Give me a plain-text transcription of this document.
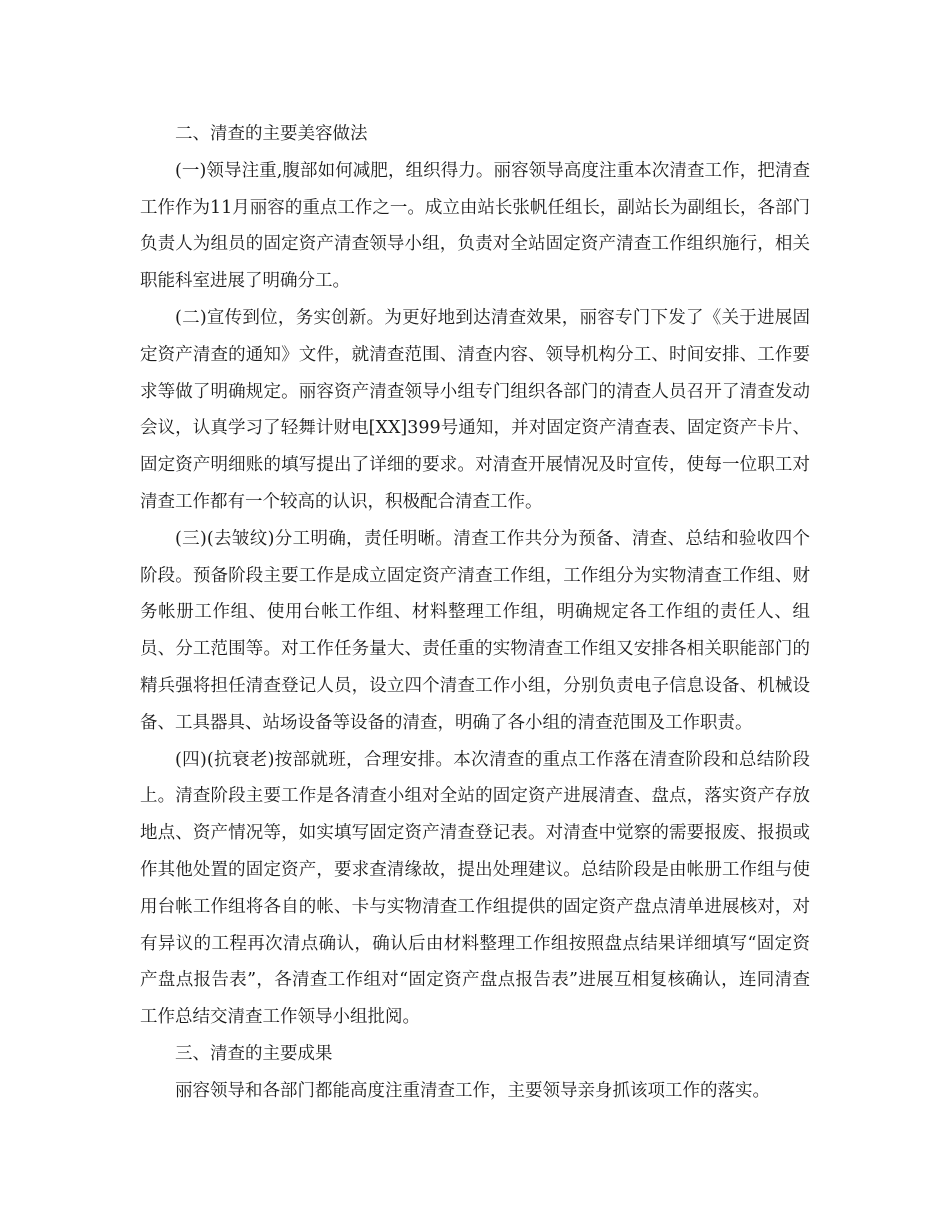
二、清查的主要美容做法

(一)领导注重,腹部如何减肥，组织得力。丽容领导高度注重本次清查工作，把清查工作作为11月丽容的重点工作之一。成立由站长张帆任组长，副站长为副组长，各部门负责人为组员的固定资产清查领导小组，负责对全站固定资产清查工作组织施行，相关职能科室进展了明确分工。

(二)宣传到位，务实创新。为更好地到达清查效果，丽容专门下发了《关于进展固定资产清查的通知》文件，就清查范围、清查内容、领导机构分工、时间安排、工作要求等做了明确规定。丽容资产清查领导小组专门组织各部门的清查人员召开了清查发动会议，认真学习了轻舞计财电[XX]399号通知，并对固定资产清查表、固定资产卡片、固定资产明细账的填写提出了详细的要求。对清查开展情况及时宣传，使每一位职工对清查工作都有一个较高的认识，积极配合清查工作。

(三)(去皱纹)分工明确，责任明晰。清查工作共分为预备、清查、总结和验收四个阶段。预备阶段主要工作是成立固定资产清查工作组，工作组分为实物清查工作组、财务帐册工作组、使用台帐工作组、材料整理工作组，明确规定各工作组的责任人、组员、分工范围等。对工作任务量大、责任重的实物清查工作组又安排各相关职能部门的精兵强将担任清查登记人员，设立四个清查工作小组，分别负责电子信息设备、机械设备、工具器具、站场设备等设备的清查，明确了各小组的清查范围及工作职责。

(四)(抗衰老)按部就班，合理安排。本次清查的重点工作落在清查阶段和总结阶段上。清查阶段主要工作是各清查小组对全站的固定资产进展清查、盘点，落实资产存放地点、资产情况等，如实填写固定资产清查登记表。对清查中觉察的需要报废、报损或作其他处置的固定资产，要求查清缘故，提出处理建议。总结阶段是由帐册工作组与使用台帐工作组将各自的帐、卡与实物清查工作组提供的固定资产盘点清单进展核对，对有异议的工程再次清点确认，确认后由材料整理工作组按照盘点结果详细填写“固定资产盘点报告表”，各清查工作组对“固定资产盘点报告表”进展互相复核确认，连同清查工作总结交清查工作领导小组批阅。

三、清查的主要成果

丽容领导和各部门都能高度注重清查工作，主要领导亲身抓该项工作的落实。
